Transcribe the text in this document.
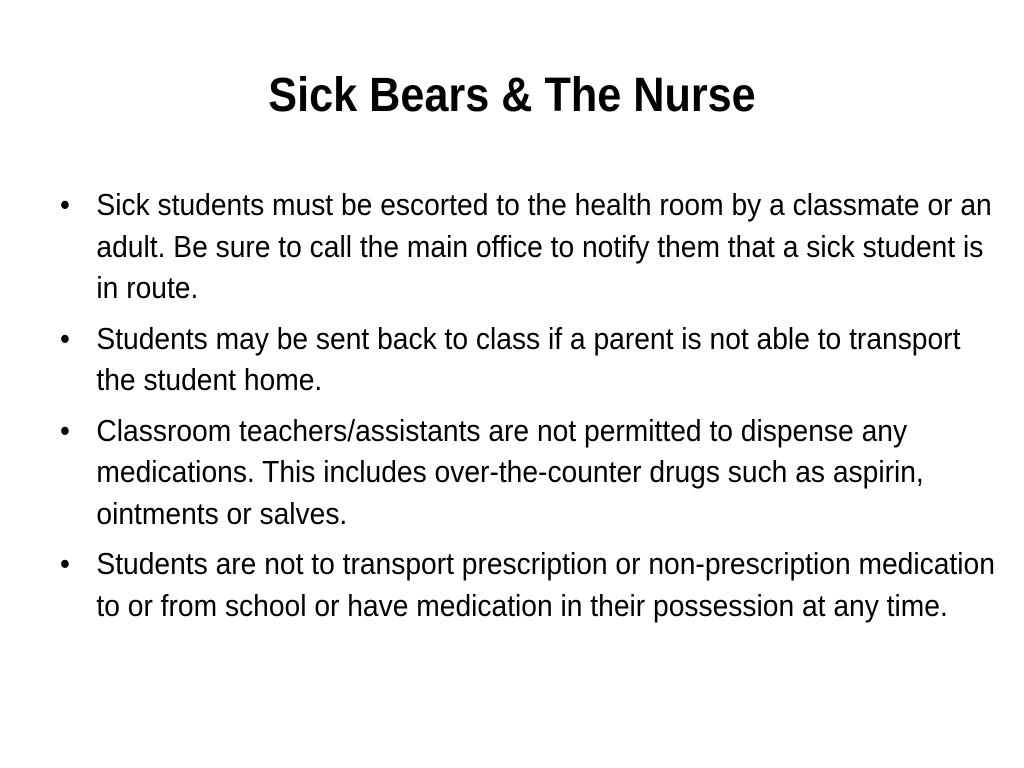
Sick Bears & The Nurse
• Sick students must be escorted to the health room by a classmate or an adult. Be sure to call the main office to notify them that a sick student is in route.
• Students may be sent back to class if a parent is not able to transport the student home.
• Classroom teachers/assistants are not permitted to dispense any medications. This includes over-the-counter drugs such as aspirin, ointments or salves.
• Students are not to transport prescription or non-prescription medication to or from school or have medication in their possession at any time.
